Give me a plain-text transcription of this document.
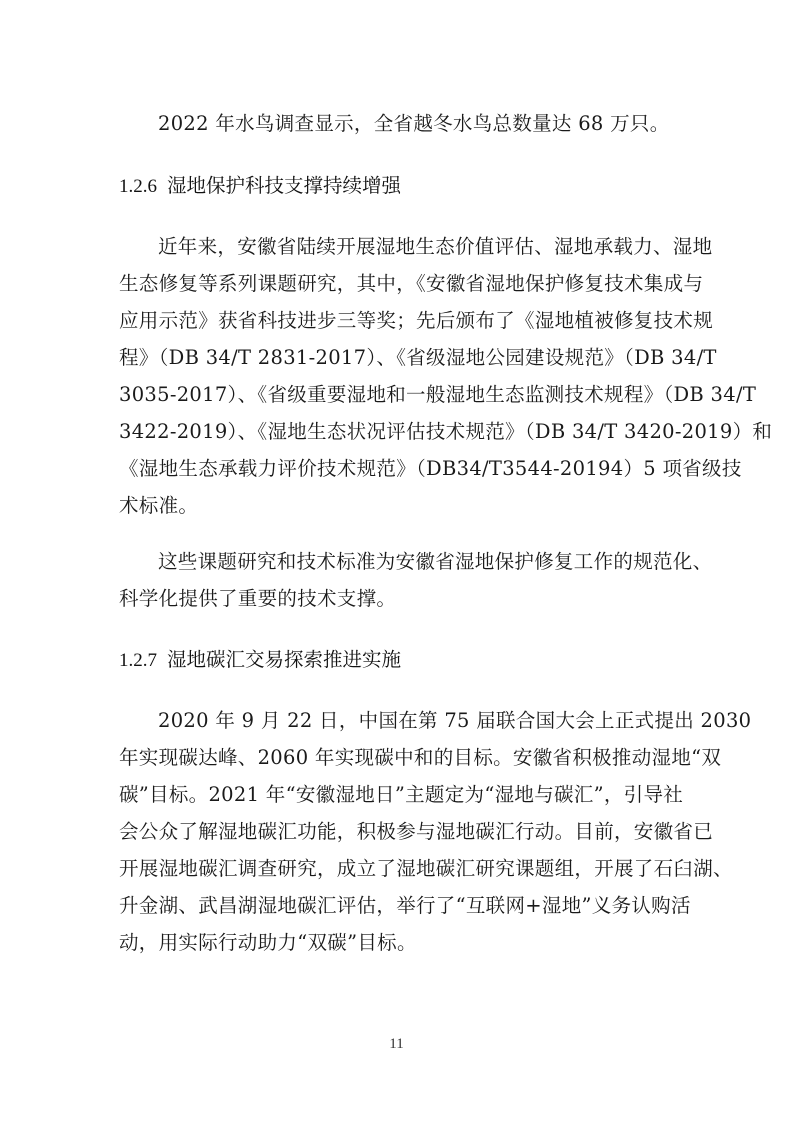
2022 年水鸟调查显示，全省越冬水鸟总数量达 68 万只。
1.2.6 湿地保护科技支撑持续增强
近年来，安徽省陆续开展湿地生态价值评估、湿地承载力、湿地
生态修复等系列课题研究，其中，《安徽省湿地保护修复技术集成与
应用示范》获省科技进步三等奖；先后颁布了《湿地植被修复技术规
程》（DB 34/T 2831-2017）、《省级湿地公园建设规范》（DB 34/T
3035-2017）、《省级重要湿地和一般湿地生态监测技术规程》（DB 34/T
3422-2019）、《湿地生态状况评估技术规范》（DB 34/T 3420-2019）和
《湿地生态承载力评价技术规范》（DB34/T3544-20194）5 项省级技
术标准。
这些课题研究和技术标准为安徽省湿地保护修复工作的规范化、
科学化提供了重要的技术支撑。
1.2.7 湿地碳汇交易探索推进实施
2020 年 9 月 22 日，中国在第 75 届联合国大会上正式提出 2030
年实现碳达峰、2060 年实现碳中和的目标。安徽省积极推动湿地“双
碳”目标。2021 年“安徽湿地日”主题定为“湿地与碳汇”，引导社
会公众了解湿地碳汇功能，积极参与湿地碳汇行动。目前，安徽省已
开展湿地碳汇调查研究，成立了湿地碳汇研究课题组，开展了石臼湖、
升金湖、武昌湖湿地碳汇评估，举行了“互联网+湿地”义务认购活
动，用实际行动助力“双碳”目标。
11
